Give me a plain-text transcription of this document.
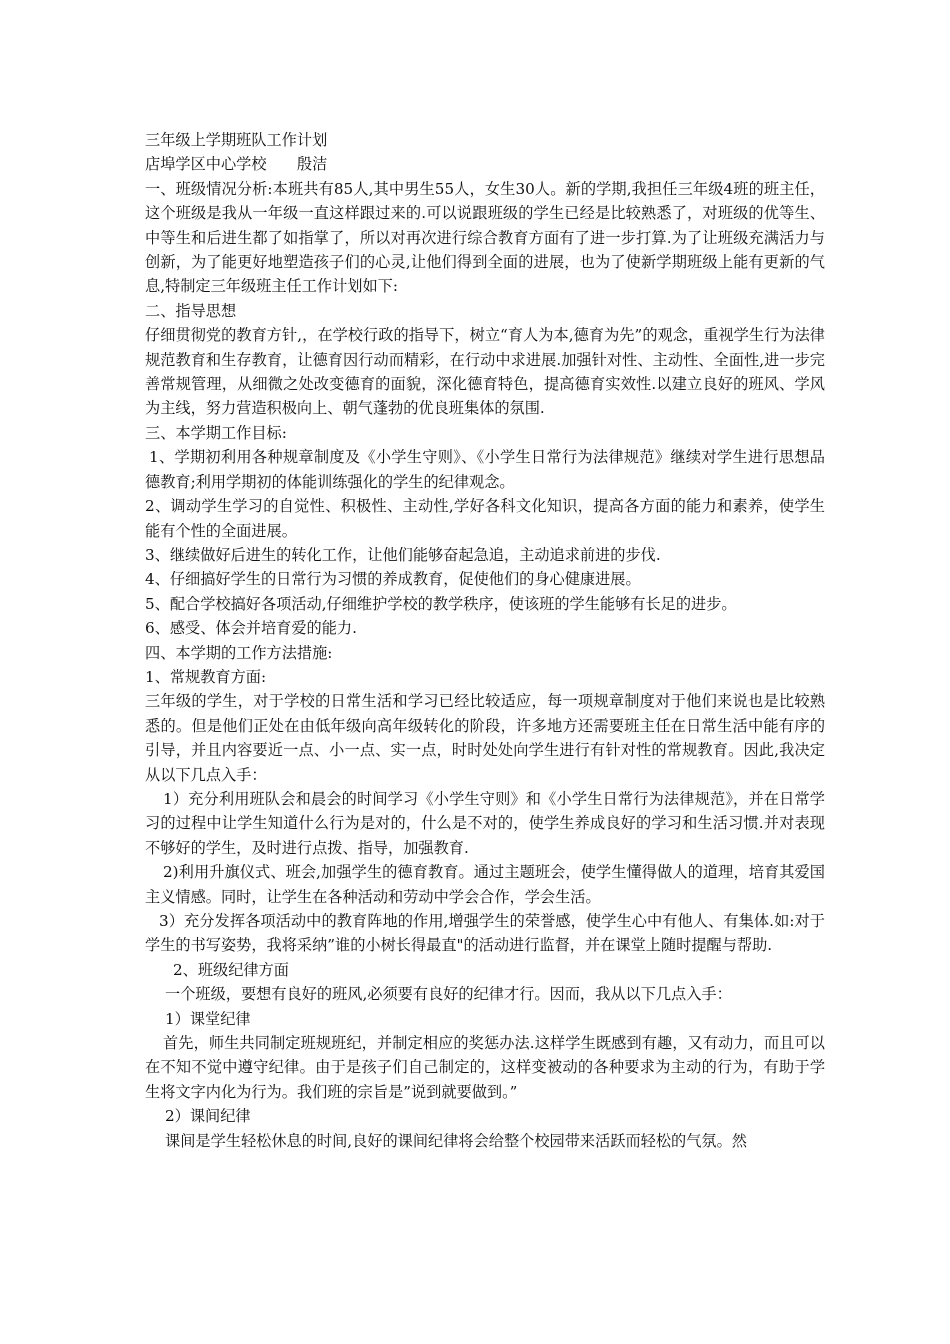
三年级上学期班队工作计划

店埠学区中心学校　　殷洁

一、班级情况分析:本班共有85人,其中男生55人，女生30人。新的学期,我担任三年级4班的班主任，这个班级是我从一年级一直这样跟过来的.可以说跟班级的学生已经是比较熟悉了，对班级的优等生、中等生和后进生都了如指掌了，所以对再次进行综合教育方面有了进一步打算.为了让班级充满活力与创新，为了能更好地塑造孩子们的心灵,让他们得到全面的进展，也为了使新学期班级上能有更新的气息,特制定三年级班主任工作计划如下:

二、指导思想

仔细贯彻党的教育方针,，在学校行政的指导下，树立“育人为本,德育为先”的观念，重视学生行为法律规范教育和生存教育，让德育因行动而精彩，在行动中求进展.加强针对性、主动性、全面性,进一步完善常规管理，从细微之处改变德育的面貌，深化德育特色，提高德育实效性.以建立良好的班风、学风为主线，努力营造积极向上、朝气蓬勃的优良班集体的氛围.

三、本学期工作目标:

1、学期初利用各种规章制度及《小学生守则》、《小学生日常行为法律规范》继续对学生进行思想品德教育;利用学期初的体能训练强化的学生的纪律观念。

2、调动学生学习的自觉性、积极性、主动性,学好各科文化知识，提高各方面的能力和素养，使学生能有个性的全面进展。

3、继续做好后进生的转化工作，让他们能够奋起急追，主动追求前进的步伐.

4、仔细搞好学生的日常行为习惯的养成教育，促使他们的身心健康进展。

5、配合学校搞好各项活动,仔细维护学校的教学秩序，使该班的学生能够有长足的进步。

6、感受、体会并培育爱的能力.

四、本学期的工作方法措施:

1、常规教育方面:

三年级的学生，对于学校的日常生活和学习已经比较适应，每一项规章制度对于他们来说也是比较熟悉的。但是他们正处在由低年级向高年级转化的阶段，许多地方还需要班主任在日常生活中能有序的引导，并且内容要近一点、小一点、实一点，时时处处向学生进行有针对性的常规教育。因此,我决定从以下几点入手：

1）充分利用班队会和晨会的时间学习《小学生守则》和《小学生日常行为法律规范》，并在日常学习的过程中让学生知道什么行为是对的，什么是不对的，使学生养成良好的学习和生活习惯.并对表现不够好的学生，及时进行点拨、指导，加强教育.

2)利用升旗仪式、班会,加强学生的德育教育。通过主题班会，使学生懂得做人的道理，培育其爱国主义情感。同时，让学生在各种活动和劳动中学会合作，学会生活。

3）充分发挥各项活动中的教育阵地的作用,增强学生的荣誉感，使学生心中有他人、有集体.如:对于学生的书写姿势，我将采纳”谁的小树长得最直"的活动进行监督，并在课堂上随时提醒与帮助.

2、班级纪律方面

一个班级，要想有良好的班风,必须要有良好的纪律才行。因而，我从以下几点入手：

1）课堂纪律

首先，师生共同制定班规班纪，并制定相应的奖惩办法.这样学生既感到有趣，又有动力，而且可以在不知不觉中遵守纪律。由于是孩子们自己制定的，这样变被动的各种要求为主动的行为，有助于学生将文字内化为行为。我们班的宗旨是”说到就要做到。”

2）课间纪律

课间是学生轻松休息的时间,良好的课间纪律将会给整个校园带来活跃而轻松的气氛。然
